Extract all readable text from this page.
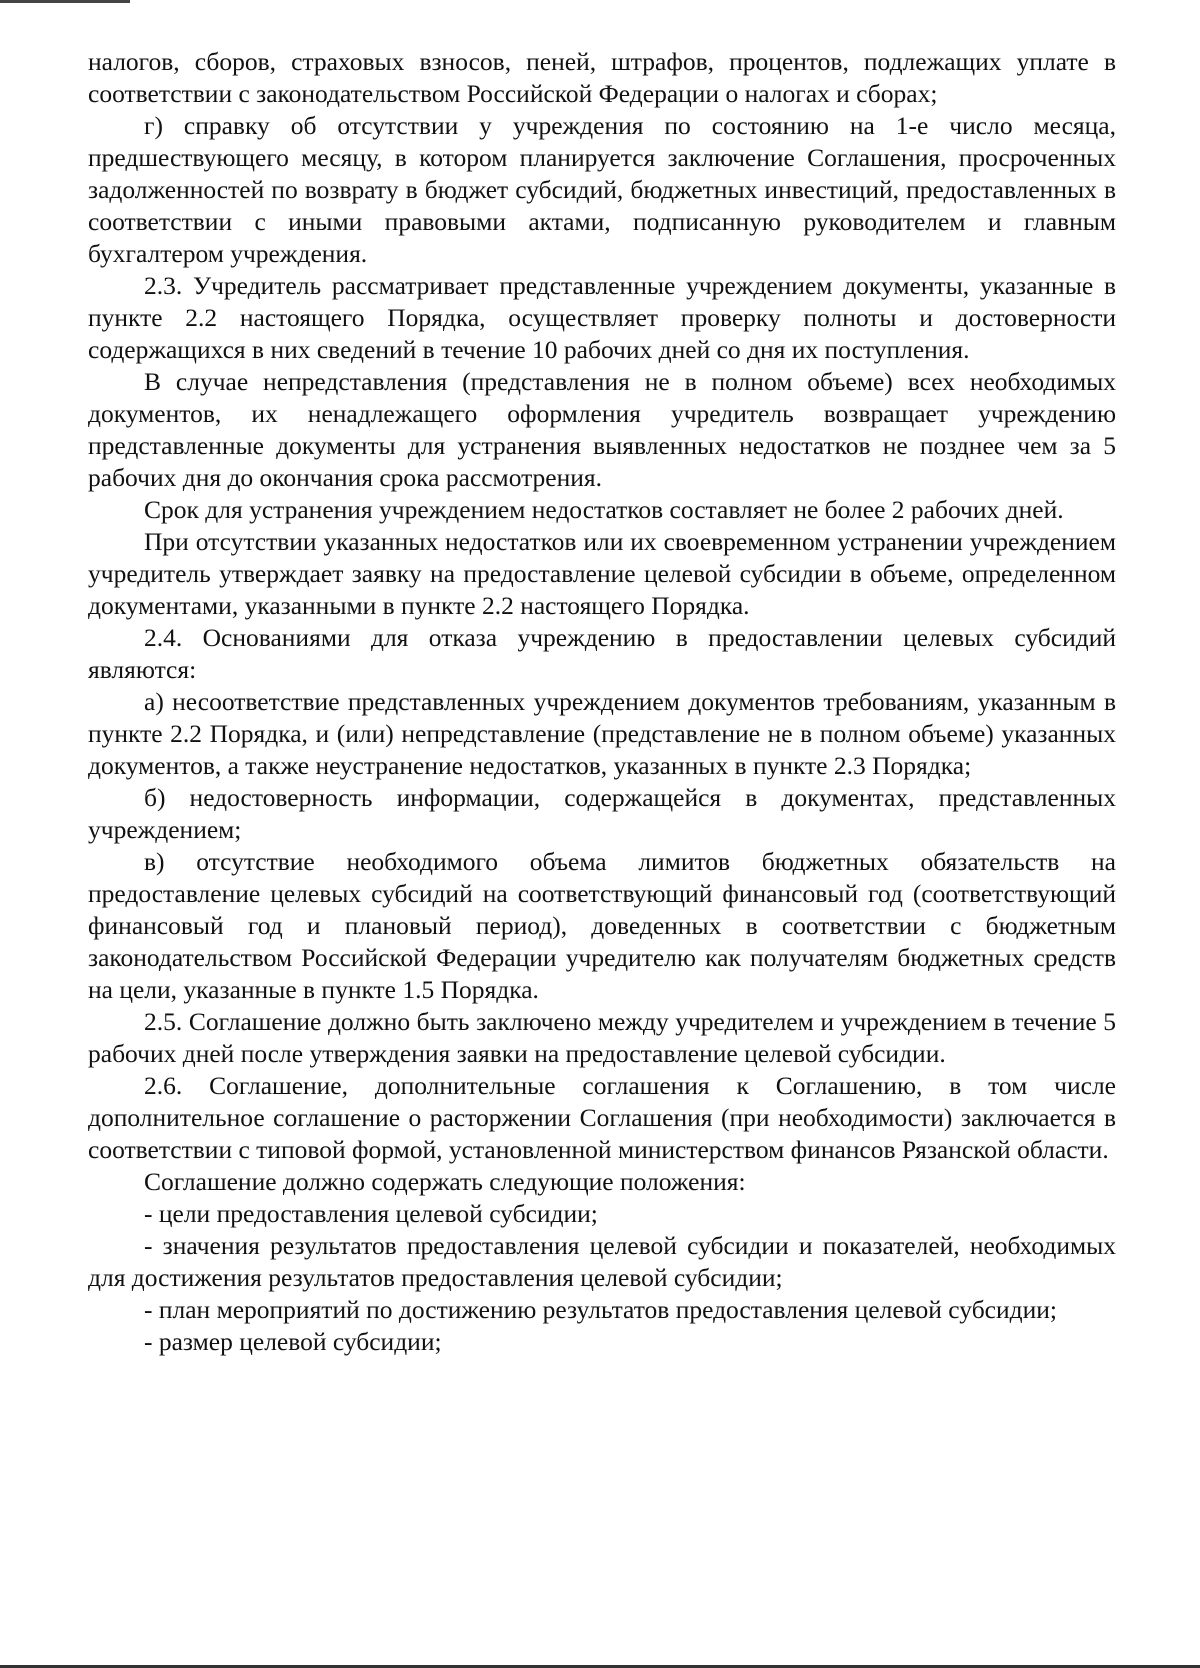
налогов, сборов, страховых взносов, пеней, штрафов, процентов, подлежащих уплате в соответствии с законодательством Российской Федерации о налогах и сборах;

г) справку об отсутствии у учреждения по состоянию на 1-е число месяца, предшествующего месяцу, в котором планируется заключение Соглашения, просроченных задолженностей по возврату в бюджет субсидий, бюджетных инвестиций, предоставленных в соответствии с иными правовыми актами, подписанную руководителем и главным бухгалтером учреждения.

2.3. Учредитель рассматривает представленные учреждением документы, указанные в пункте 2.2 настоящего Порядка, осуществляет проверку полноты и достоверности содержащихся в них сведений в течение 10 рабочих дней со дня их поступления.

В случае непредставления (представления не в полном объеме) всех необходимых документов, их ненадлежащего оформления учредитель возвращает учреждению представленные документы для устранения выявленных недостатков не позднее чем за 5 рабочих дня до окончания срока рассмотрения.

Срок для устранения учреждением недостатков составляет не более 2 рабочих дней.

При отсутствии указанных недостатков или их своевременном устранении учреждением учредитель утверждает заявку на предоставление целевой субсидии в объеме, определенном документами, указанными в пункте 2.2 настоящего Порядка.

2.4. Основаниями для отказа учреждению в предоставлении целевых субсидий являются:

а) несоответствие представленных учреждением документов требованиям, указанным в пункте 2.2 Порядка, и (или) непредставление (представление не в полном объеме) указанных документов, а также неустранение недостатков, указанных в пункте 2.3 Порядка;

б) недостоверность информации, содержащейся в документах, представленных учреждением;

в) отсутствие необходимого объема лимитов бюджетных обязательств на предоставление целевых субсидий на соответствующий финансовый год (соответствующий финансовый год и плановый период), доведенных в соответствии с бюджетным законодательством Российской Федерации учредителю как получателям бюджетных средств на цели, указанные в пункте 1.5 Порядка.

2.5. Соглашение должно быть заключено между учредителем и учреждением в течение 5 рабочих дней после утверждения заявки на предоставление целевой субсидии.

2.6. Соглашение, дополнительные соглашения к Соглашению, в том числе дополнительное соглашение о расторжении Соглашения (при необходимости) заключается в соответствии с типовой формой, установленной министерством финансов Рязанской области.

Соглашение должно содержать следующие положения:

- цели предоставления целевой субсидии;

- значения результатов предоставления целевой субсидии и показателей, необходимых для достижения результатов предоставления целевой субсидии;

- план мероприятий по достижению результатов предоставления целевой субсидии;

- размер целевой субсидии;
